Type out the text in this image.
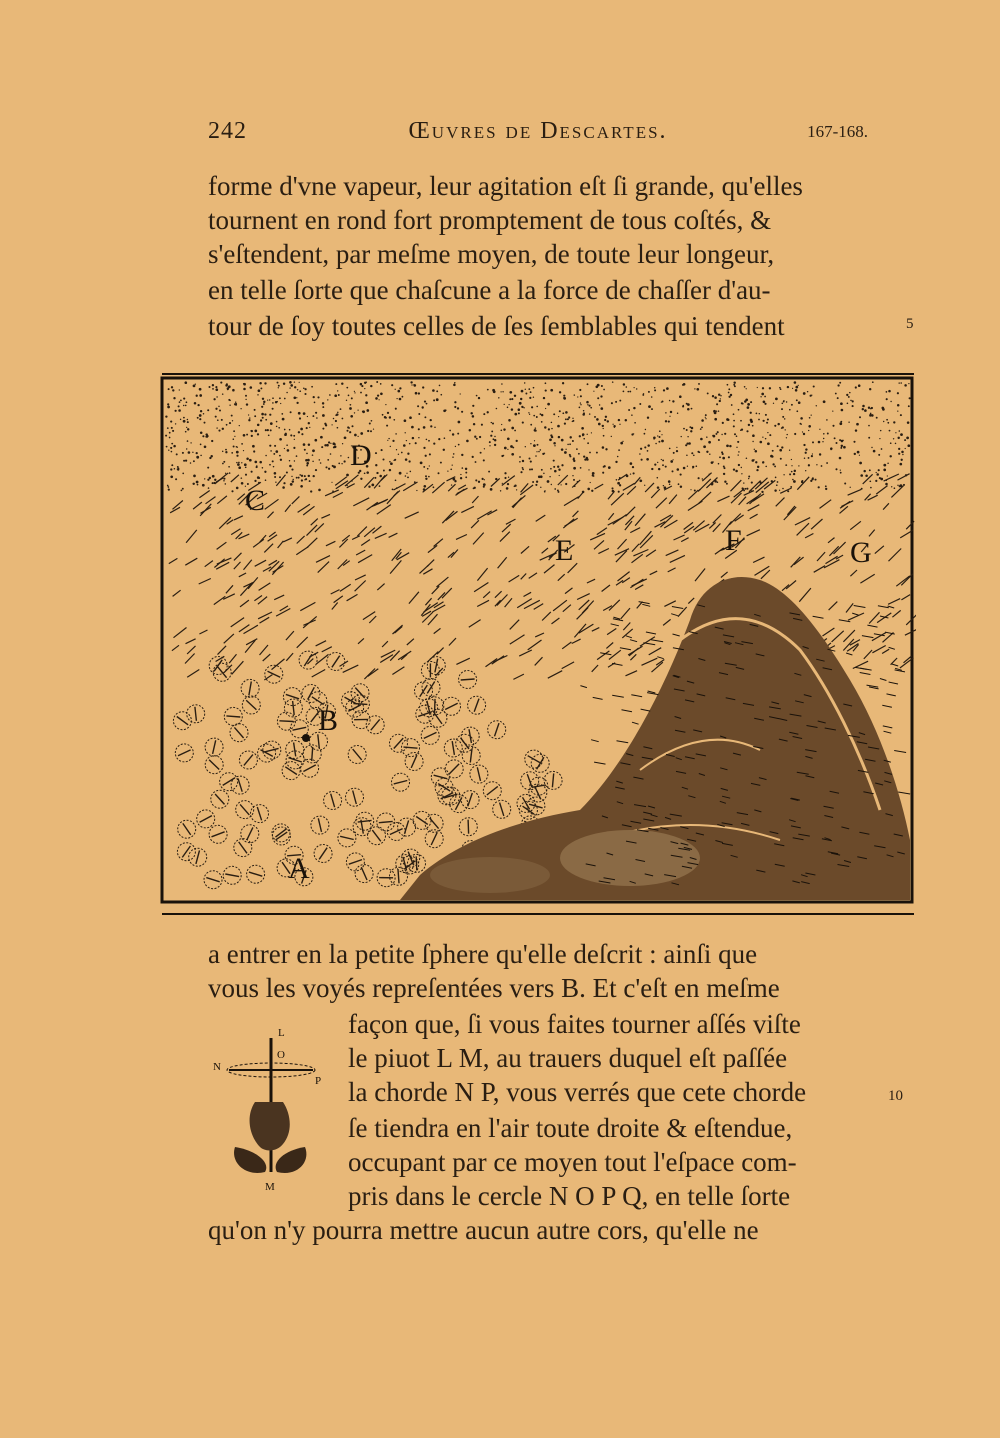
242	Œuvres de Descartes.	167-168.
forme d'vne vapeur, leur agitation eſt ſi grande, qu'elles
tournent en rond fort promptement de tous coſtés, &
s'eſtendent, par meſme moyen, de toute leur longeur,
en telle ſorte que chaſcune a la force de chaſſer d'au-
tour de ſoy toutes celles de ſes ſemblables qui tendent	5
B
A
C
D
E	F	G
a entrer en la petite ſphere qu'elle deſcrit : ainſi que
vous les voyés repreſentées vers B. Et c'eſt en meſme
façon que, ſi vous faites tourner aſſés viſte
le piuot L M, au trauers duquel eſt paſſée
la chorde N P, vous verrés que cete chorde	10
ſe tiendra en l'air toute droite & eſtendue,
occupant par ce moyen tout l'eſpace com-
pris dans le cercle N O P Q, en telle ſorte
qu'on n'y pourra mettre aucun autre cors, qu'elle ne
L
O
N
P
M
